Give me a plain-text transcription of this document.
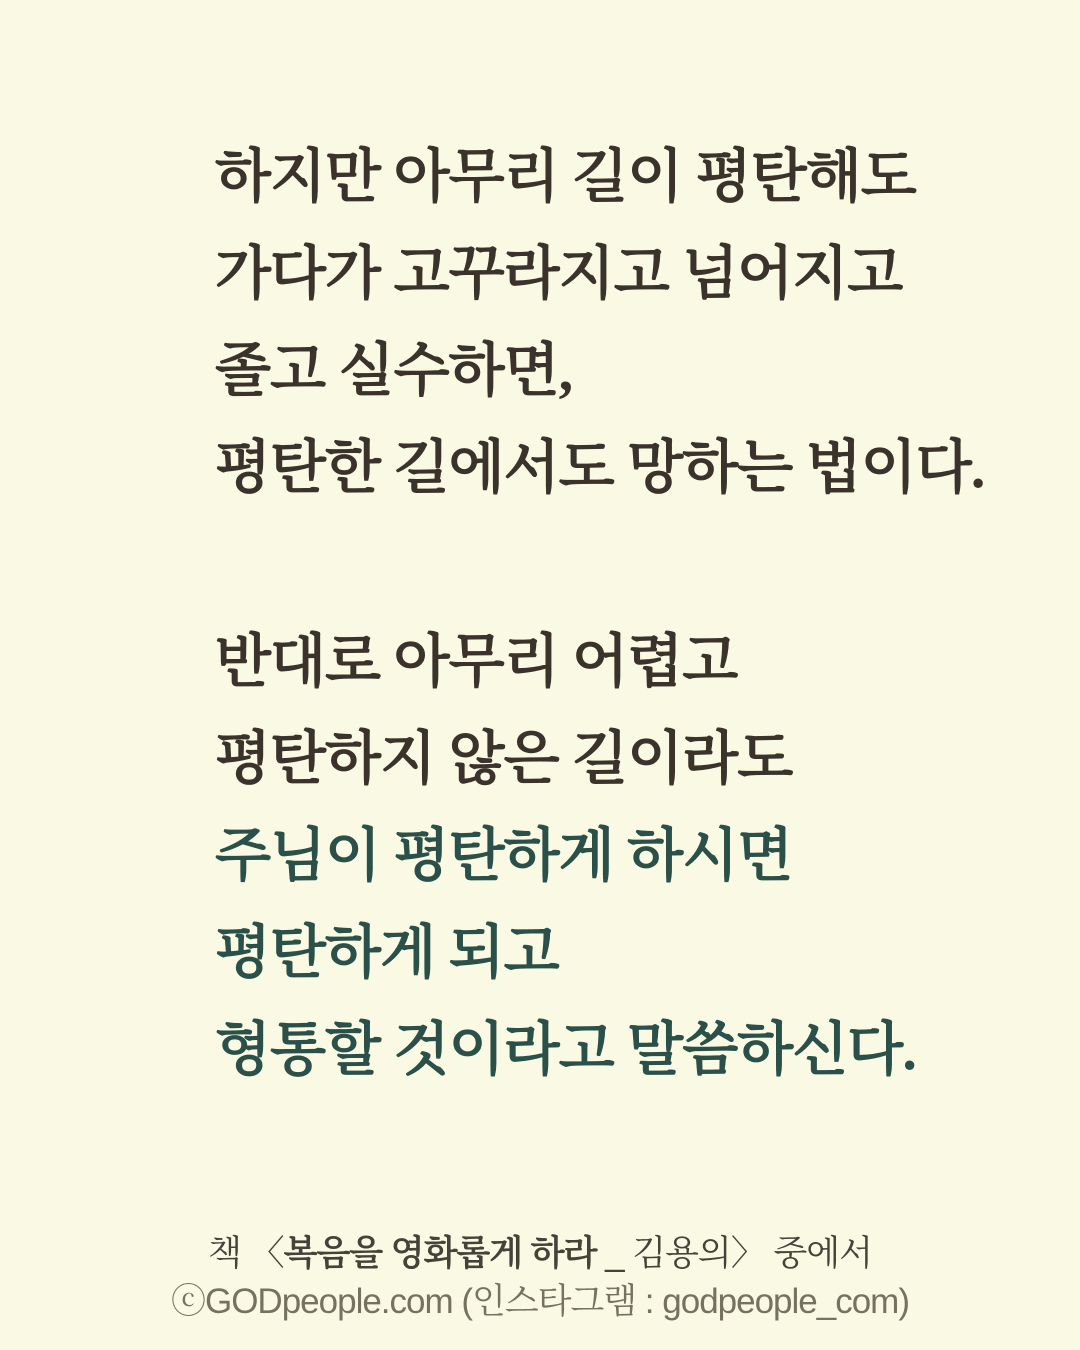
하지만 아무리 길이 평탄해도

가다가 고꾸라지고 넘어지고

졸고 실수하면,

평탄한 길에서도 망하는 법이다.

반대로 아무리 어렵고

평탄하지 않은 길이라도

주님이 평탄하게 하시면

평탄하게 되고

형통할 것이라고 말씀하신다.

책 〈복음을 영화롭게 하라 _ 김용의〉 중에서

ⓒGODpeople.com (인스타그램 : godpeople_com)
